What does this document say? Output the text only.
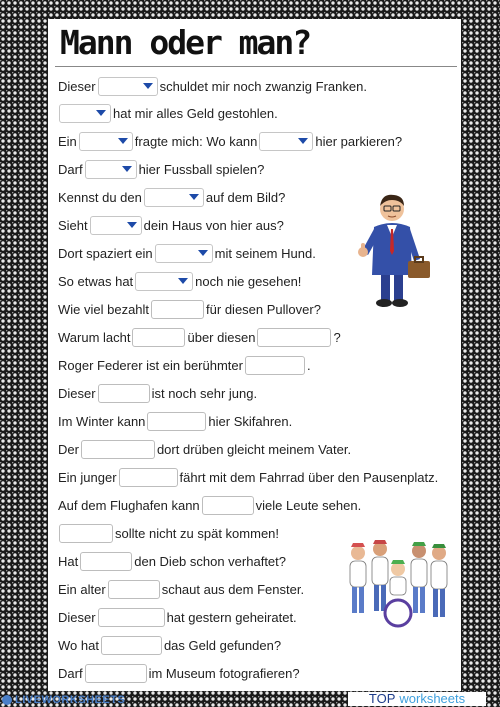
Mann oder man?
Dieser	schuldet mir noch zwanzig Franken.
hat mir alles Geld gestohlen.
Ein	fragte mich: Wo kann	hier parkieren?
Darf	hier Fussball spielen?
Kennst du den	auf dem Bild?
Sieht	dein Haus von hier aus?
Dort spaziert ein	mit seinem Hund.
So etwas hat	noch nie gesehen!
Wie viel bezahlt	für diesen Pullover?
Warum lacht	über diesen	?
Roger Federer ist ein berühmter	.
Dieser	ist noch sehr jung.
Im Winter kann	hier Skifahren.
Der	dort drüben gleicht meinem Vater.
Ein junger	fährt mit dem Fahrrad über den Pausenplatz.
Auf dem Flughafen kann	viele Leute sehen.
sollte nicht zu spät kommen!
Hat	den Dieb schon verhaftet?
Ein alter	schaut aus dem Fenster.
Dieser	hat gestern geheiratet.
Wo hat	das Geld gefunden?
Darf	im Museum fotografieren?
LIVEWORKSHEETS	TOP worksheets
